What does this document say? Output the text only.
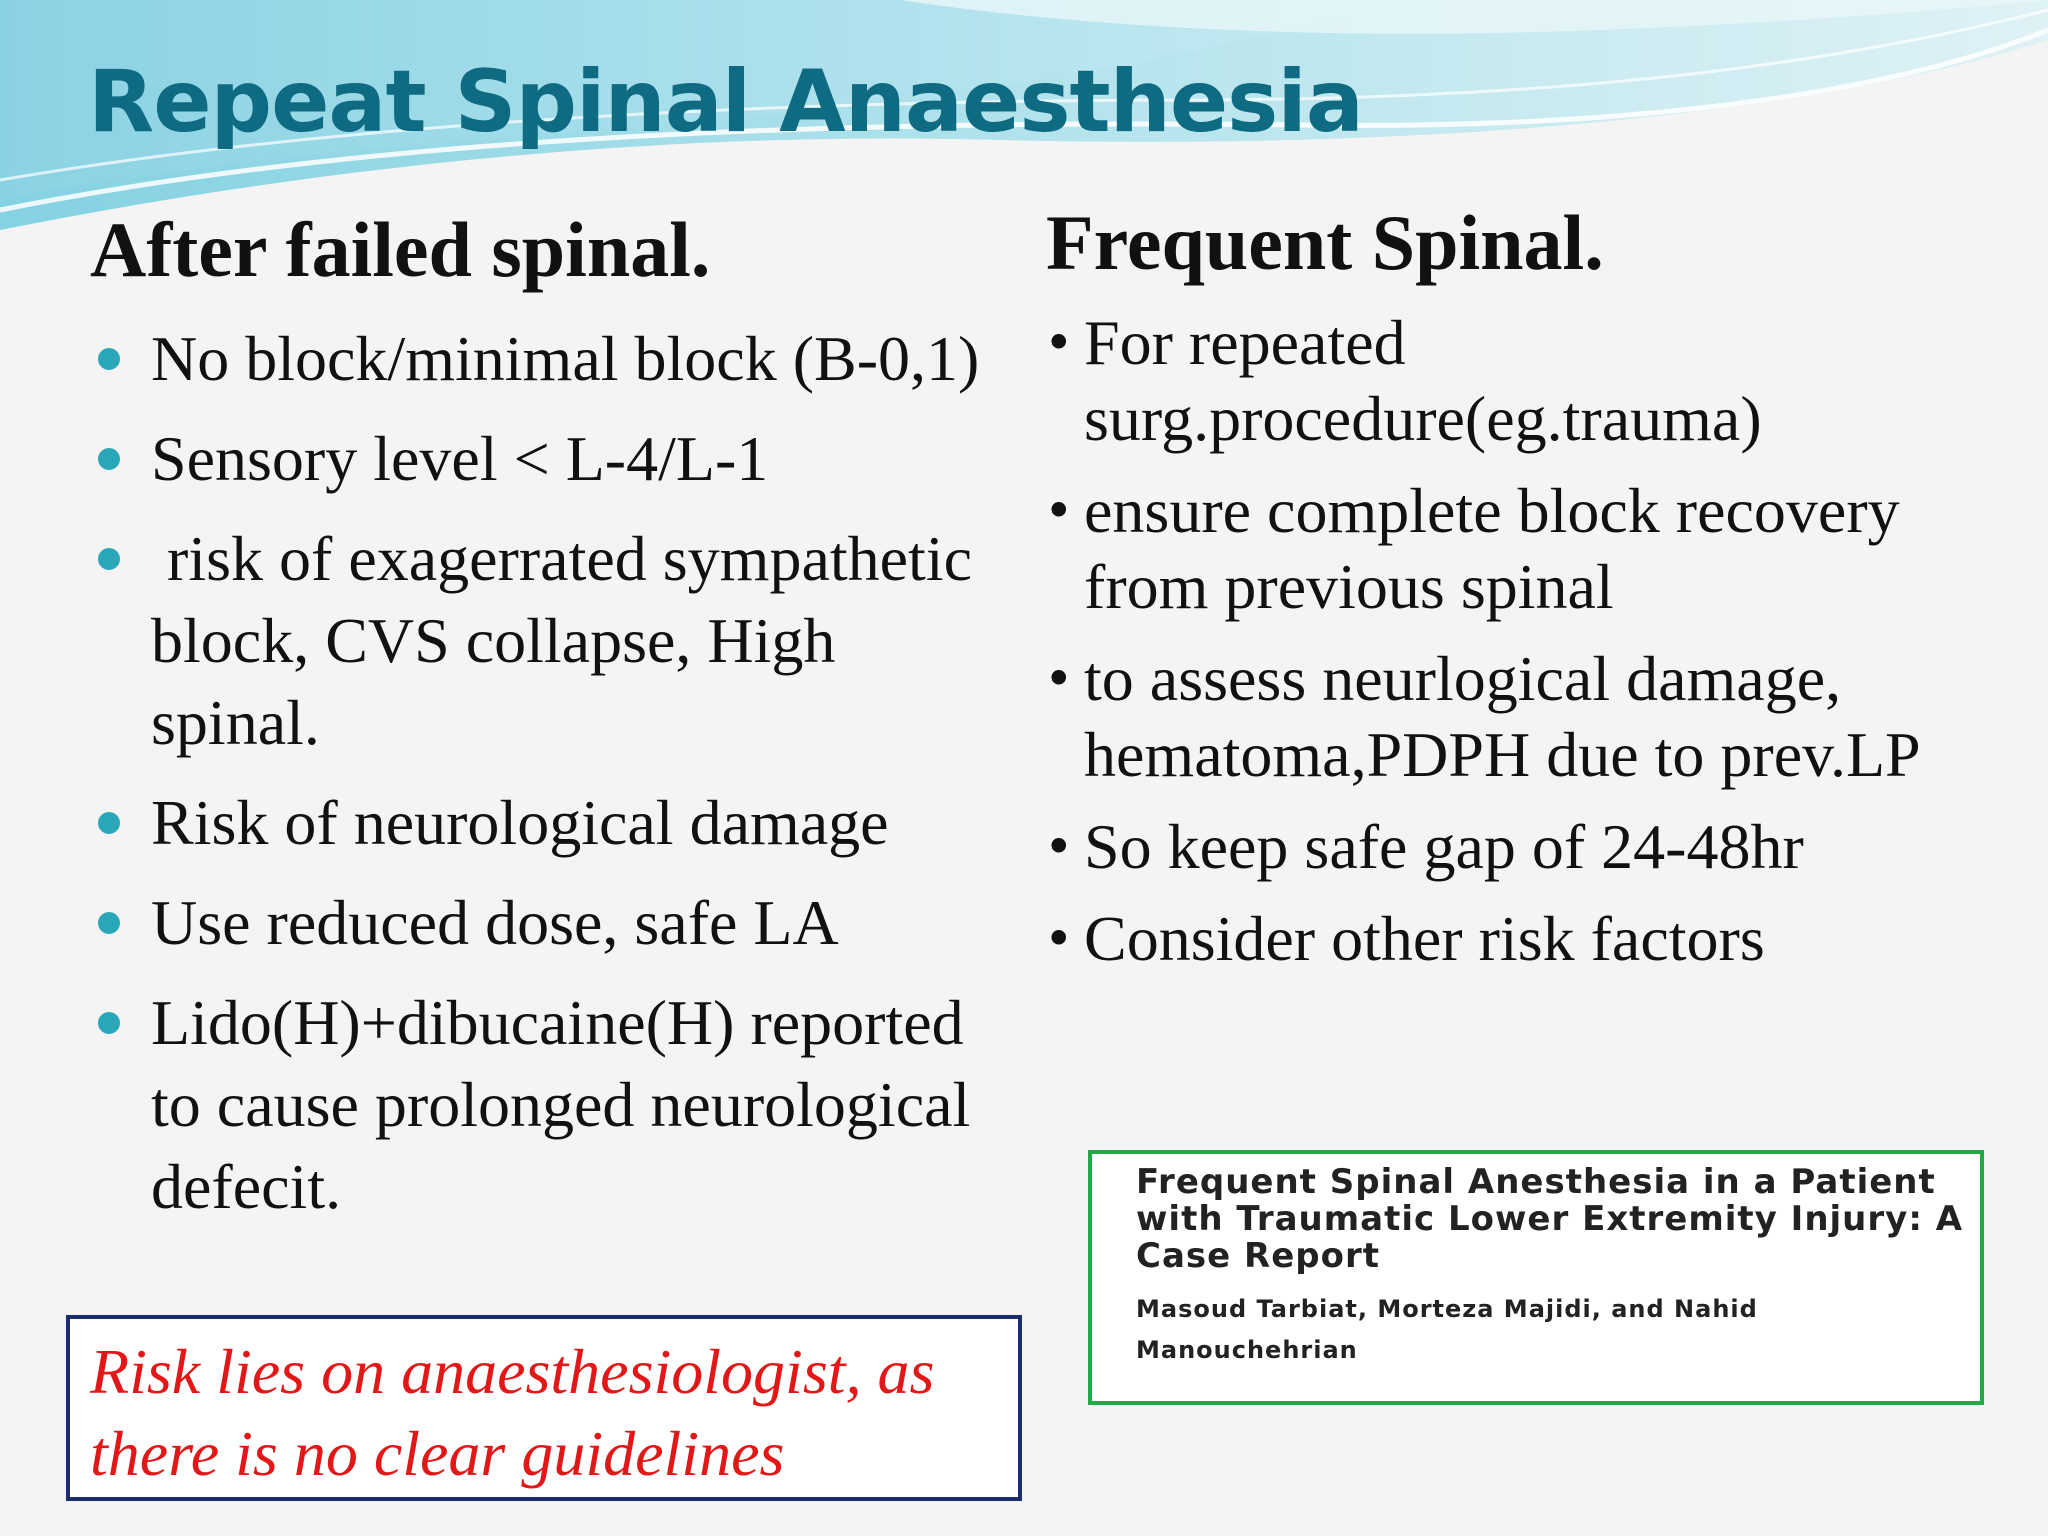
Repeat Spinal Anaesthesia
After failed spinal.
No block/minimal block (B-0,1)
Sensory level < L-4/L-1
risk of exagerrated sympathetic block, CVS collapse, High spinal.
Risk of neurological damage
Use reduced dose, safe LA
Lido(H)+dibucaine(H) reported to cause prolonged neurological defecit.
Frequent Spinal.
• For repeated surg.procedure(eg.trauma)
• ensure complete block recovery from previous spinal
• to assess neurlogical damage, hematoma,PDPH due to prev.LP
• So keep safe gap of 24-48hr
• Consider other risk factors
Risk lies on anaesthesiologist, as there is no clear guidelines

Frequent Spinal Anesthesia in a Patient with Traumatic Lower Extremity Injury: A Case Report

Masoud Tarbiat, Morteza Majidi, and Nahid Manouchehrian
